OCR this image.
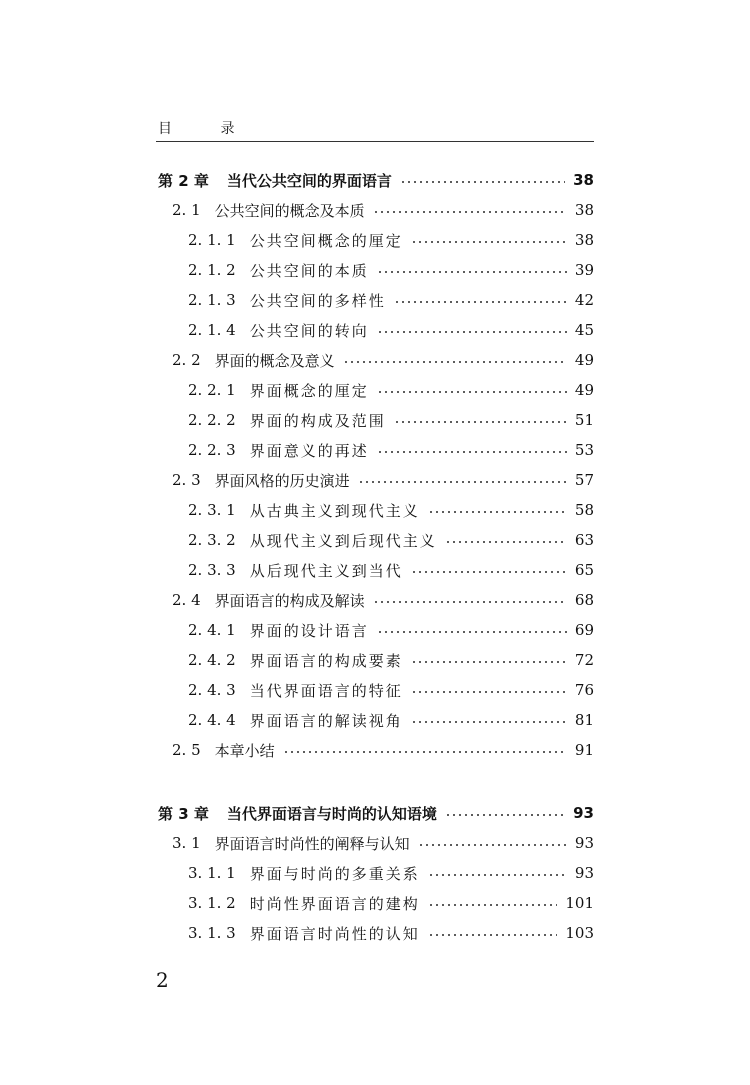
目 录
第 2 章	当代公共空间的界面语言	38
2. 1 公共空间的概念及本质	38
2. 1. 1 公共空间概念的厘定	38
2. 1. 2 公共空间的本质	39
2. 1. 3 公共空间的多样性	42
2. 1. 4 公共空间的转向	45
2. 2 界面的概念及意义	49
2. 2. 1 界面概念的厘定	49
2. 2. 2 界面的构成及范围	51
2. 2. 3 界面意义的再述	53
2. 3 界面风格的历史演进	57
2. 3. 1 从古典主义到现代主义	58
2. 3. 2 从现代主义到后现代主义	63
2. 3. 3 从后现代主义到当代	65
2. 4 界面语言的构成及解读	68
2. 4. 1 界面的设计语言	69
2. 4. 2 界面语言的构成要素	72
2. 4. 3 当代界面语言的特征	76
2. 4. 4 界面语言的解读视角	81
2. 5 本章小结	91
第 3 章	当代界面语言与时尚的认知语境	93
3. 1 界面语言时尚性的阐释与认知	93
3. 1. 1 界面与时尚的多重关系	93
3. 1. 2 时尚性界面语言的建构	101
3. 1. 3 界面语言时尚性的认知	103
2
